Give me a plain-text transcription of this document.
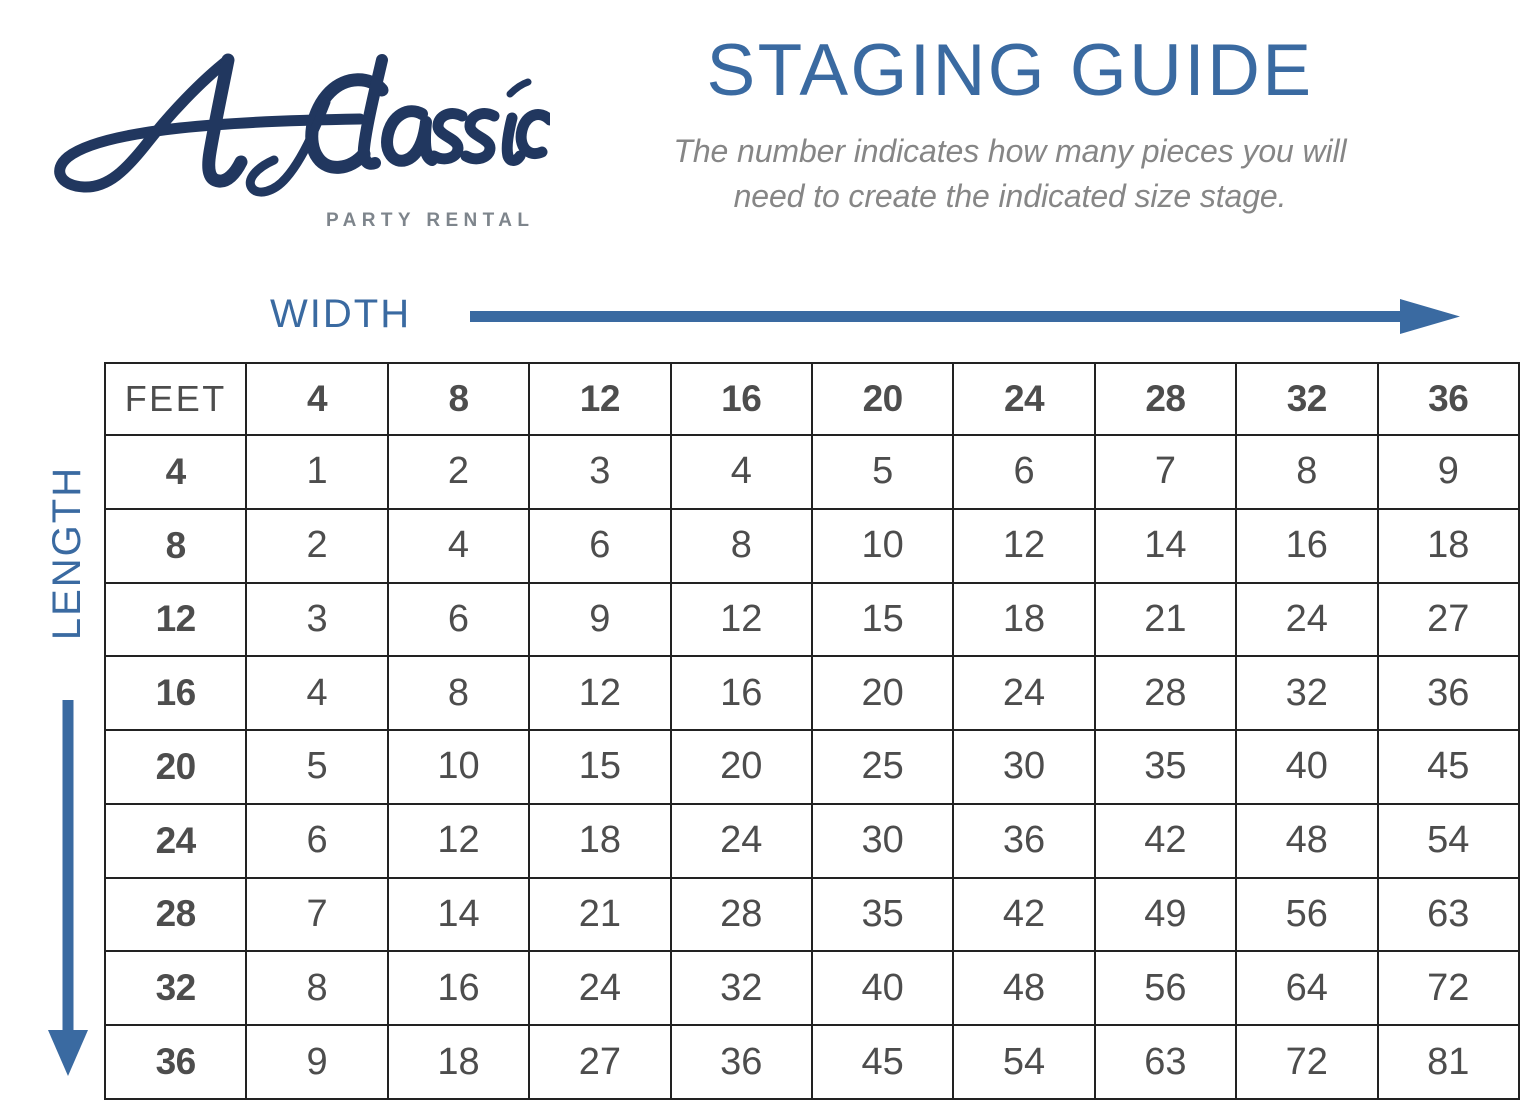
PARTY RENTAL
STAGING GUIDE
The number indicates how many pieces you will
need to create the indicated size stage.
WIDTH
LENGTH
FEET	4	8	12	16	20	24	28	32	36
4	1	2	3	4	5	6	7	8	9
8	2	4	6	8	10	12	14	16	18
12	3	6	9	12	15	18	21	24	27
16	4	8	12	16	20	24	28	32	36
20	5	10	15	20	25	30	35	40	45
24	6	12	18	24	30	36	42	48	54
28	7	14	21	28	35	42	49	56	63
32	8	16	24	32	40	48	56	64	72
36	9	18	27	36	45	54	63	72	81
